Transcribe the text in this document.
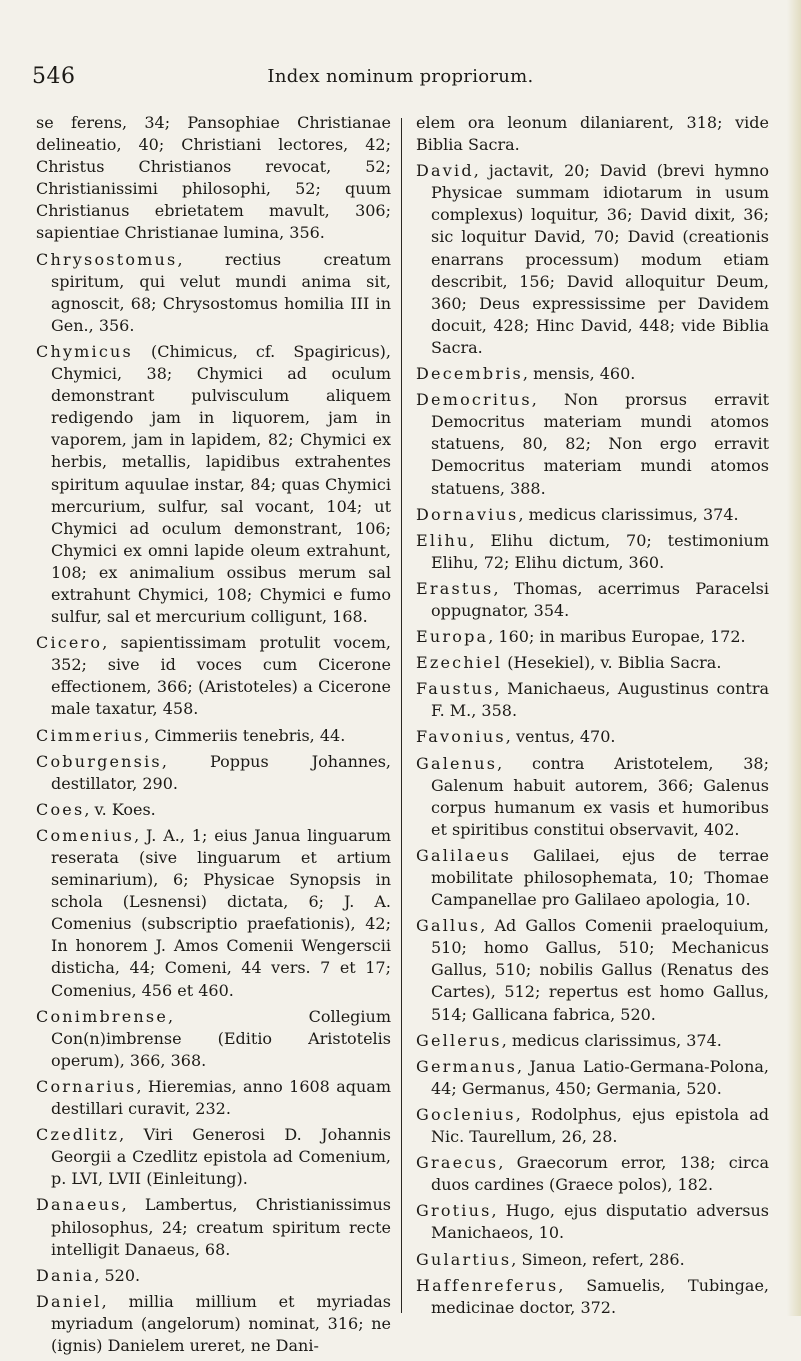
546	Index nominum propriorum.

se ferens, 34; Pansophiae Christianae delineatio, 40; Christiani lectores, 42; Christus Christianos revocat, 52; Christianissimi philosophi, 52; quum Christianus ebrietatem mavult, 306; sapientiae Christianae lumina, 356.

Chrysostomus, rectius creatum spiritum, qui velut mundi anima sit, agnoscit, 68; Chrysostomus homilia III in Gen., 356.

Chymicus (Chimicus, cf. Spagiricus), Chymici, 38; Chymici ad oculum demonstrant pulvisculum aliquem redigendo jam in liquorem, jam in vaporem, jam in lapidem, 82; Chymici ex herbis, metallis, lapidibus extrahentes spiritum aquulae instar, 84; quas Chymici mercurium, sulfur, sal vocant, 104; ut Chymici ad oculum demonstrant, 106; Chymici ex omni lapide oleum extrahunt, 108; ex animalium ossibus merum sal extrahunt Chymici, 108; Chymici e fumo sulfur, sal et mercurium colligunt, 168.

Cicero, sapientissimam protulit vocem, 352; sive id voces cum Cicerone effectionem, 366; (Aristoteles) a Cicerone male taxatur, 458.

Cimmerius, Cimmeriis tenebris, 44.

Coburgensis, Poppus Johannes, destillator, 290.

Coes, v. Koes.

Comenius, J. A., 1; eius Janua linguarum reserata (sive linguarum et artium seminarium), 6; Physicae Synopsis in schola (Lesnensi) dictata, 6; J. A. Comenius (subscriptio praefationis), 42; In honorem J. Amos Comenii Wengerscii disticha, 44; Comeni, 44 vers. 7 et 17; Comenius, 456 et 460.

Conimbrense, Collegium Con(n)imbrense (Editio Aristotelis operum), 366, 368.

Cornarius, Hieremias, anno 1608 aquam destillari curavit, 232.

Czedlitz, Viri Generosi D. Johannis Georgii a Czedlitz epistola ad Comenium, p. LVI, LVII (Einleitung).

Danaeus, Lambertus, Christianissimus philosophus, 24; creatum spiritum recte intelligit Danaeus, 68.

Dania, 520.

Daniel, millia millium et myriadas myriadum (angelorum) nominat, 316; ne (ignis) Danielem ureret, ne Dani-

elem ora leonum dilaniarent, 318; vide Biblia Sacra.

David, jactavit, 20; David (brevi hymno Physicae summam idiotarum in usum complexus) loquitur, 36; David dixit, 36; sic loquitur David, 70; David (creationis enarrans processum) modum etiam describit, 156; David alloquitur Deum, 360; Deus expressissime per Davidem docuit, 428; Hinc David, 448; vide Biblia Sacra.

Decembris, mensis, 460.

Democritus, Non prorsus erravit Democritus materiam mundi atomos statuens, 80, 82; Non ergo erravit Democritus materiam mundi atomos statuens, 388.

Dornavius, medicus clarissimus, 374.

Elihu, Elihu dictum, 70; testimonium Elihu, 72; Elihu dictum, 360.

Erastus, Thomas, acerrimus Paracelsi oppugnator, 354.

Europa, 160; in maribus Europae, 172.

Ezechiel (Hesekiel), v. Biblia Sacra.

Faustus, Manichaeus, Augustinus contra F. M., 358.

Favonius, ventus, 470.

Galenus, contra Aristotelem, 38; Galenum habuit autorem, 366; Galenus corpus humanum ex vasis et humoribus et spiritibus constitui observavit, 402.

Galilaeus Galilaei, ejus de terrae mobilitate philosophemata, 10; Thomae Campanellae pro Galilaeo apologia, 10.

Gallus, Ad Gallos Comenii praeloquium, 510; homo Gallus, 510; Mechanicus Gallus, 510; nobilis Gallus (Renatus des Cartes), 512; repertus est homo Gallus, 514; Gallicana fabrica, 520.

Gellerus, medicus clarissimus, 374.

Germanus, Janua Latio-Germana-Polona, 44; Germanus, 450; Germania, 520.

Goclenius, Rodolphus, ejus epistola ad Nic. Taurellum, 26, 28.

Graecus, Graecorum error, 138; circa duos cardines (Graece polos), 182.

Grotius, Hugo, ejus disputatio adversus Manichaeos, 10.

Gulartius, Simeon, refert, 286.

Haffenreferus, Samuelis, Tubingae, medicinae doctor, 372.
